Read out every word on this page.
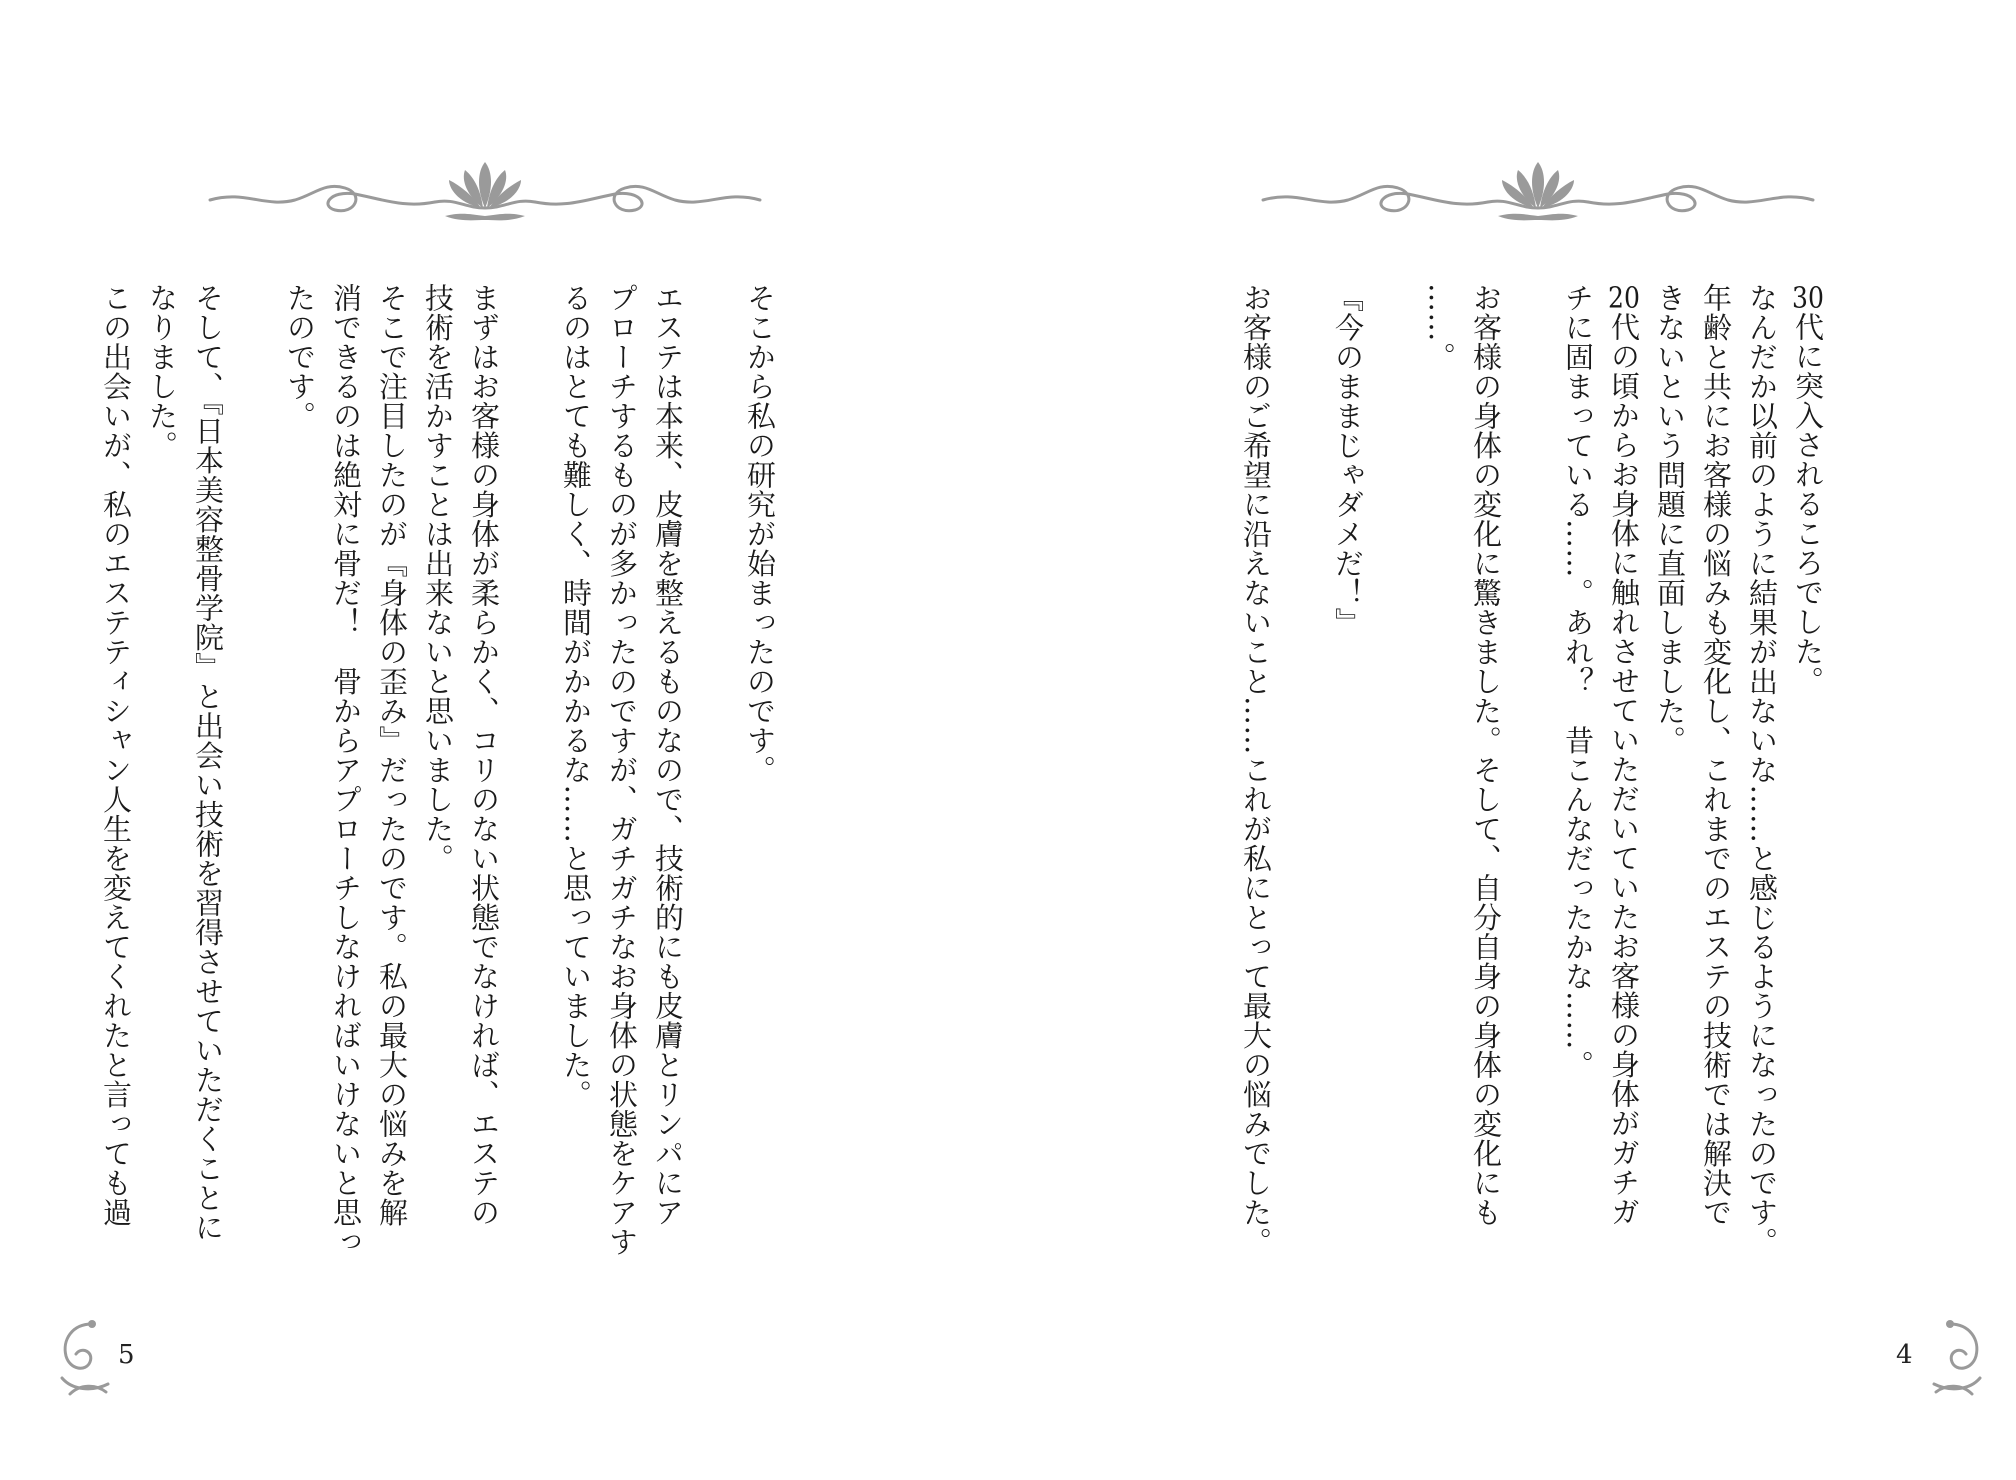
そこから私の研究が始まったのです。
エステは本来、皮膚を整えるものなので、技術的にも皮膚とリンパにア
プローチするものが多かったのですが、ガチガチなお身体の状態をケアす
るのはとても難しく、時間がかかるな……と思っていました。
まずはお客様の身体が柔らかく、コリのない状態でなければ、エステの
技術を活かすことは出来ないと思いました。
そこで注目したのが『身体の歪み』だったのです。私の最大の悩みを解
消できるのは絶対に骨だ！　骨からアプローチしなければいけないと思っ
たのです。
そして、『日本美容整骨学院』と出会い技術を習得させていただくことに
なりました。
この出会いが、私のエステティシャン人生を変えてくれたと言っても過
5
30代に突入されるころでした。
なんだか以前のように結果が出ないな……と感じるようになったのです。
年齢と共にお客様の悩みも変化し、これまでのエステの技術では解決で
きないという問題に直面しました。
20代の頃からお身体に触れさせていただいていたお客様の身体がガチガ
チに固まっている……。あれ？　昔こんなだったかな……。
お客様の身体の変化に驚きました。そして、自分自身の身体の変化にも
……。
『今のままじゃダメだ！』
お客様のご希望に沿えないこと……これが私にとって最大の悩みでした。
4
